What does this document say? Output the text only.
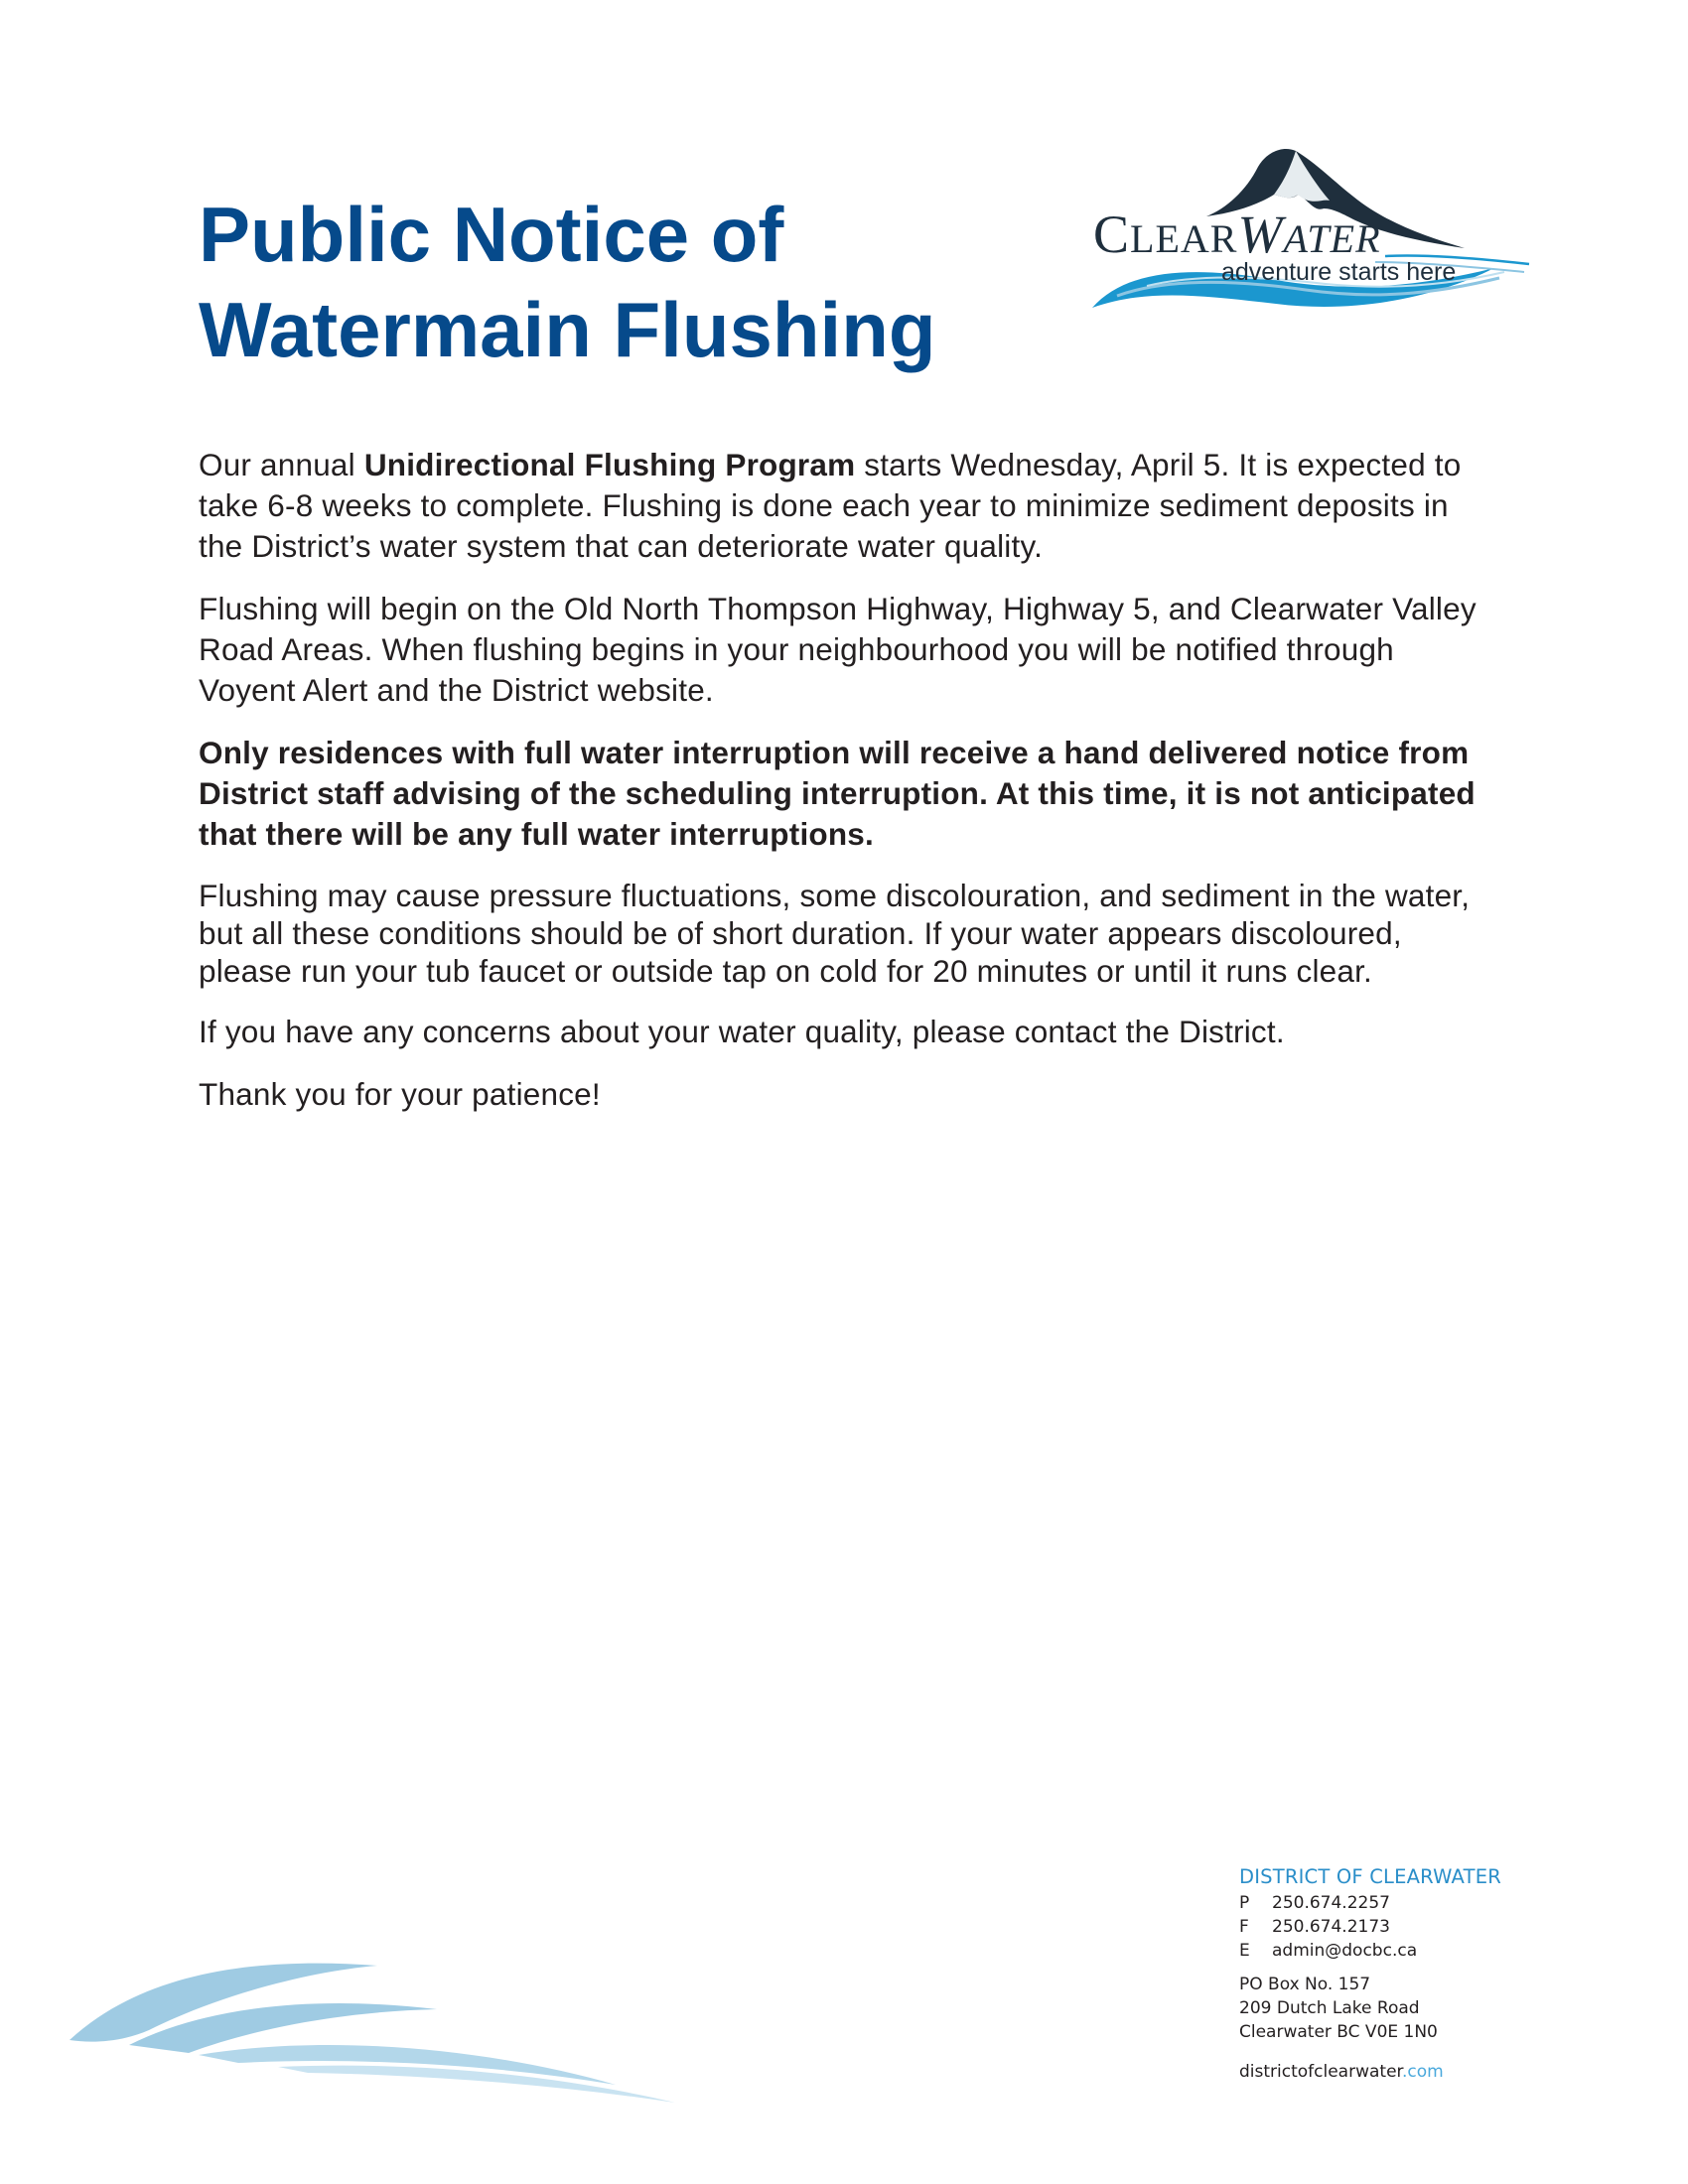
Public Notice of
Watermain Flushing
CLEARWATER
adventure starts here

Our annual Unidirectional Flushing Program starts Wednesday, April 5. It is expected to take 6-8 weeks to complete. Flushing is done each year to minimize sediment deposits in the District’s water system that can deteriorate water quality.

Flushing will begin on the Old North Thompson Highway, Highway 5, and Clearwater Valley Road Areas. When flushing begins in your neighbourhood you will be notified through Voyent Alert and the District website.

Only residences with full water interruption will receive a hand delivered notice from District staff advising of the scheduling interruption. At this time, it is not anticipated that there will be any full water interruptions.

Flushing may cause pressure fluctuations, some discolouration, and sediment in the water, but all these conditions should be of short duration. If your water appears discoloured, please run your tub faucet or outside tap on cold for 20 minutes or until it runs clear.

If you have any concerns about your water quality, please contact the District.

Thank you for your patience!

DISTRICT OF CLEARWATER
P	250.674.2257
F	250.674.2173
E	admin@docbc.ca
PO Box No. 157
209 Dutch Lake Road
Clearwater BC V0E 1N0
districtofclearwater.com
